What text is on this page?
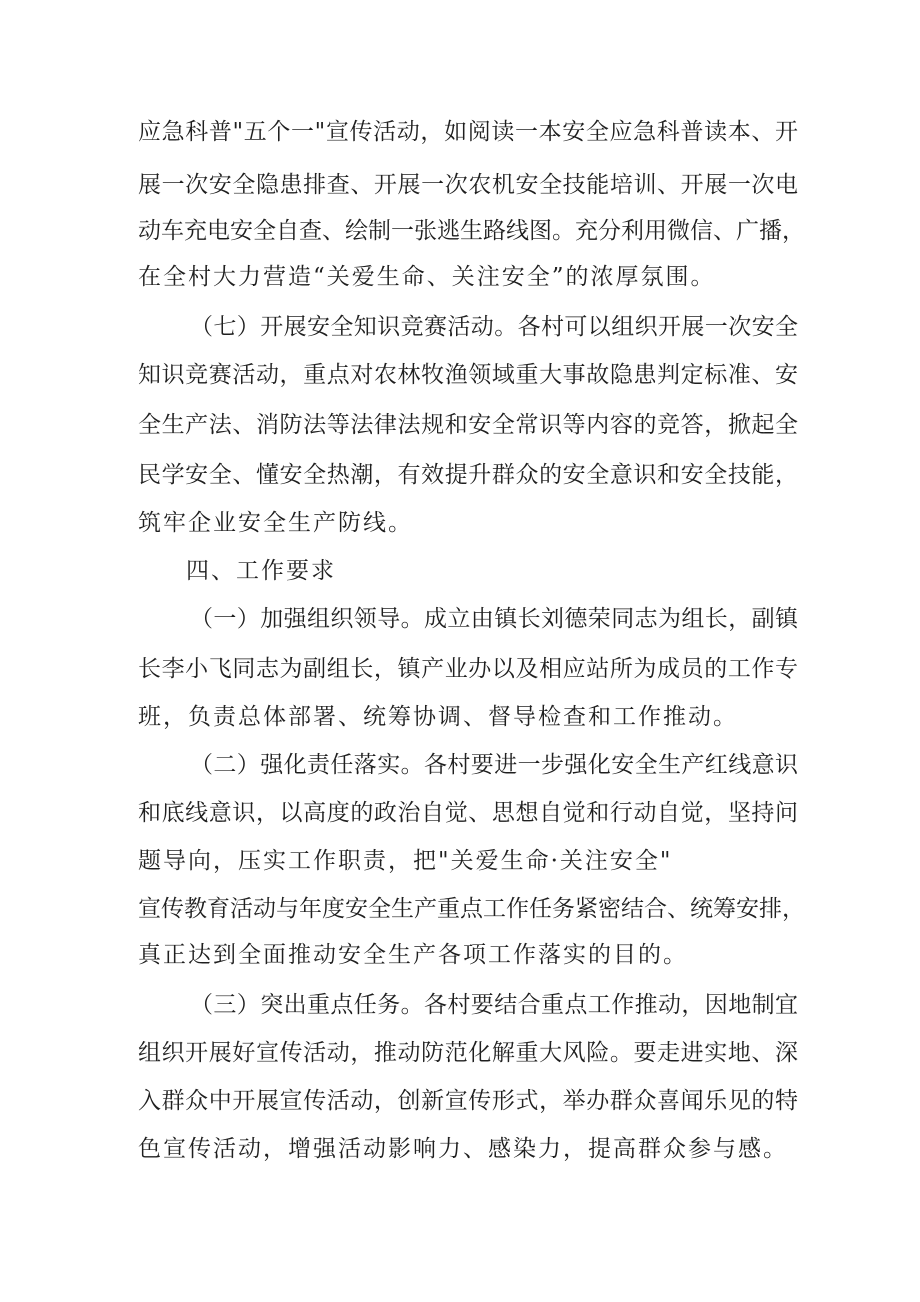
应急科普"五个一"宣传活动，如阅读一本安全应急科普读本、开
展一次安全隐患排查、开展一次农机安全技能培训、开展一次电
动车充电安全自查、绘制一张逃生路线图。充分利用微信、广播，
在全村大力营造“关爱生命、关注安全”的浓厚氛围。
（七）开展安全知识竞赛活动。各村可以组织开展一次安全
知识竞赛活动，重点对农林牧渔领域重大事故隐患判定标准、安
全生产法、消防法等法律法规和安全常识等内容的竞答，掀起全
民学安全、懂安全热潮，有效提升群众的安全意识和安全技能，
筑牢企业安全生产防线。
四、工作要求
（一）加强组织领导。成立由镇长刘德荣同志为组长，副镇
长李小飞同志为副组长，镇产业办以及相应站所为成员的工作专
班，负责总体部署、统筹协调、督导检查和工作推动。
（二）强化责任落实。各村要进一步强化安全生产红线意识
和底线意识，以高度的政治自觉、思想自觉和行动自觉，坚持问
题导向，压实工作职责，把"关爱生命·关注安全"
宣传教育活动与年度安全生产重点工作任务紧密结合、统筹安排，
真正达到全面推动安全生产各项工作落实的目的。
（三）突出重点任务。各村要结合重点工作推动，因地制宜
组织开展好宣传活动，推动防范化解重大风险。要走进实地、深
入群众中开展宣传活动，创新宣传形式，举办群众喜闻乐见的特
色宣传活动，增强活动影响力、感染力，提高群众参与感。
